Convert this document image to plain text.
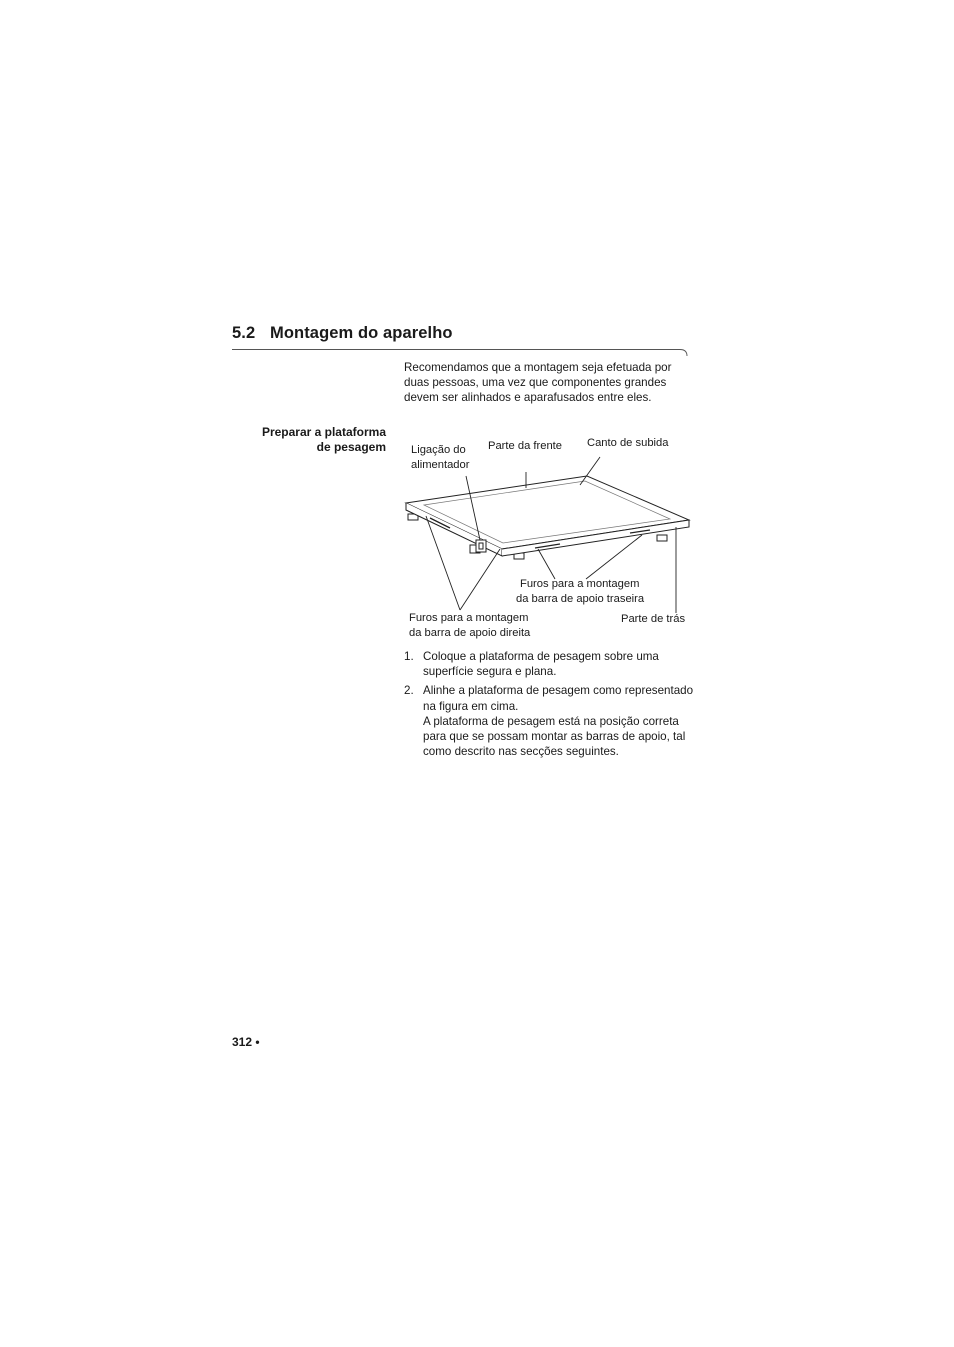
5.2 Montagem do aparelho
Recomendamos que a montagem seja efetuada por duas pessoas, uma vez que componentes grandes devem ser alinhados e aparafusados entre eles.
Preparar a plataforma
de pesagem Ligação do
alimentador
Parte da frente Canto de subida
Furos para a montagem
da barra de apoio traseira
Furos para a montagem
da barra de apoio direita
Parte de trás
1. Coloque a plataforma de pesagem sobre uma superfície segura e plana.

2. Alinhe a plataforma de pesagem como representado na figura em cima.

A plataforma de pesagem está na posição correta para que se possam montar as barras de apoio, tal como descrito nas secções seguintes.

312 •
